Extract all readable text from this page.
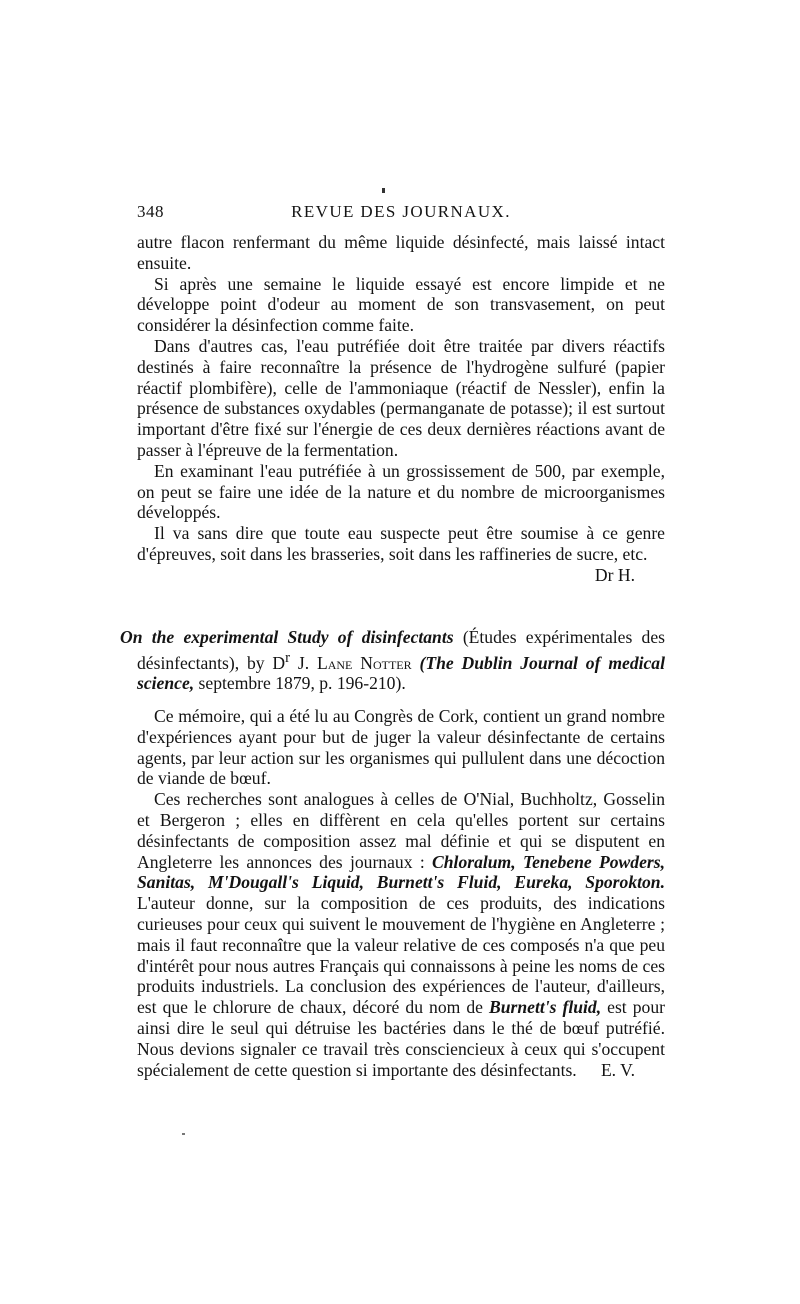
348	REVUE DES JOURNAUX.

autre flacon renfermant du même liquide désinfecté, mais laissé intact ensuite.

Si après une semaine le liquide essayé est encore limpide et ne développe point d'odeur au moment de son transvasement, on peut considérer la désinfection comme faite.

Dans d'autres cas, l'eau putréfiée doit être traitée par divers réactifs destinés à faire reconnaître la présence de l'hydrogène sulfuré (papier réactif plombifère), celle de l'ammoniaque (réactif de Nessler), enfin la présence de substances oxydables (permanganate de potasse); il est surtout important d'être fixé sur l'énergie de ces deux dernières réactions avant de passer à l'épreuve de la fermentation.

En examinant l'eau putréfiée à un grossissement de 500, par exemple, on peut se faire une idée de la nature et du nombre de microorganismes développés.

Il va sans dire que toute eau suspecte peut être soumise à ce genre d'épreuves, soit dans les brasseries, soit dans les raffineries de sucre, etc.
Dr H.

On the experimental Study of disinfectants (Études expérimentales des désinfectants), by $D^r$ J. Lane Notter (The Dublin Journal of medical science, septembre 1879, p. 196-210).

Ce mémoire, qui a été lu au Congrès de Cork, contient un grand nombre d'expériences ayant pour but de juger la valeur désinfectante de certains agents, par leur action sur les organismes qui pullulent dans une décoction de viande de bœuf.

Ces recherches sont analogues à celles de O'Nial, Buchholtz, Gosselin et Bergeron ; elles en diffèrent en cela qu'elles portent sur certains désinfectants de composition assez mal définie et qui se disputent en Angleterre les annonces des journaux : Chloralum, Tenebene Powders, Sanitas, M'Dougall's Liquid, Burnett's Fluid, Eureka, Sporokton. L'auteur donne, sur la composition de ces produits, des indications curieuses pour ceux qui suivent le mouvement de l'hygiène en Angleterre ; mais il faut reconnaître que la valeur relative de ces composés n'a que peu d'intérêt pour nous autres Français qui connaissons à peine les noms de ces produits industriels. La conclusion des expériences de l'auteur, d'ailleurs, est que le chlorure de chaux, décoré du nom de Burnett's fluid, est pour ainsi dire le seul qui détruise les bactéries dans le thé de bœuf putréfié. Nous devions signaler ce travail très consciencieux à ceux qui s'occupent spécialement de cette question si importante des désinfectants.	E. V.
